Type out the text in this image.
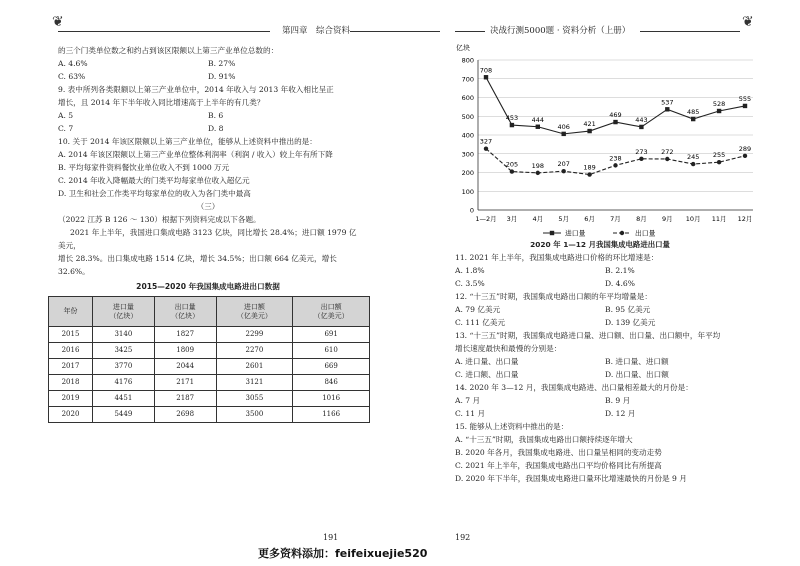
❦
第四章　综合资料	决战行测5000题 · 资料分析（上册）
❦

的三个门类单位数之和约占到该区限额以上第三产业单位总数的：

A. 4.6%	B. 27%
C. 63%	D. 91%

9. 表中所列各类限额以上第三产业单位中，2014 年收入与 2013 年收入相比呈正

增长，且 2014 年下半年收入同比增速高于上半年的有几类？

A. 5	B. 6
C. 7	D. 8

10. 关于 2014 年该区限额以上第三产业单位，能够从上述资料中推出的是：

A. 2014 年该区限额以上第三产业单位整体利润率（利润 / 收入）较上年有所下降

B. 平均每家件资料餐饮业单位收入不到 1000 万元

C. 2014 年收入降幅最大的门类平均每家单位收入超亿元

D. 卫生和社会工作类平均每家单位的收入为各门类中最高

（三）

（2022 江苏 B 126 ～ 130）根据下列资料完成以下各题。

2021 年上半年，我国进口集成电路 3123 亿块，同比增长 28.4%；进口额 1979 亿美元，

增长 28.3%。出口集成电路 1514 亿块，增长 34.5%；出口额 664 亿美元，增长 32.6%。

2015—2020 年我国集成电路进出口数据

年份	进口量
（亿块）	出口量
（亿块）	进口额
（亿美元）	出口额
（亿美元）
2015	3140	1827	2299	691
2016	3425	1809	2270	610
2017	3770	2044	2601	669
2018	4176	2171	3121	846
2019	4451	2187	3055	1016
2020	5449	2698	3500	1166
191
更多资料添加：feifeixuejie520
亿块
0
100
200
300
400
500
600
700
800
1—2月 3月 4月 5月 6月 7月 8月 9月 10月 11月 12月
708
453 444
406 421
469
443
537
485
528
555
327
205 198 207 189
238
273 272
245 255
289
进口量	出口量

2020 年 1—12 月我国集成电路进出口量

11. 2021 年上半年，我国集成电路进口价格的环比增速是：

A. 1.8%	B. 2.1%
C. 3.5%	D. 4.6%

12. “十三五”时期，我国集成电路出口额的年平均增量是：

A. 79 亿美元	B. 95 亿美元
C. 111 亿美元	D. 139 亿美元

13. “十三五”时期，我国集成电路进口量、进口额、出口量、出口额中，年平均

增长速度最快和最慢的分别是：

A. 进口量、出口量	B. 进口量、进口额
C. 进口额、出口量	D. 出口量、出口额

14. 2020 年 3—12 月，我国集成电路进、出口量相差最大的月份是：

A. 7 月	B. 9 月
C. 11 月	D. 12 月

15. 能够从上述资料中推出的是：

A. “十三五”时期，我国集成电路出口额持续逐年增大

B. 2020 年各月，我国集成电路进、出口量呈相同的变动走势

C. 2021 年上半年，我国集成电路出口平均价格同比有所提高

D. 2020 年下半年，我国集成电路进口量环比增速最快的月份是 9 月

192
